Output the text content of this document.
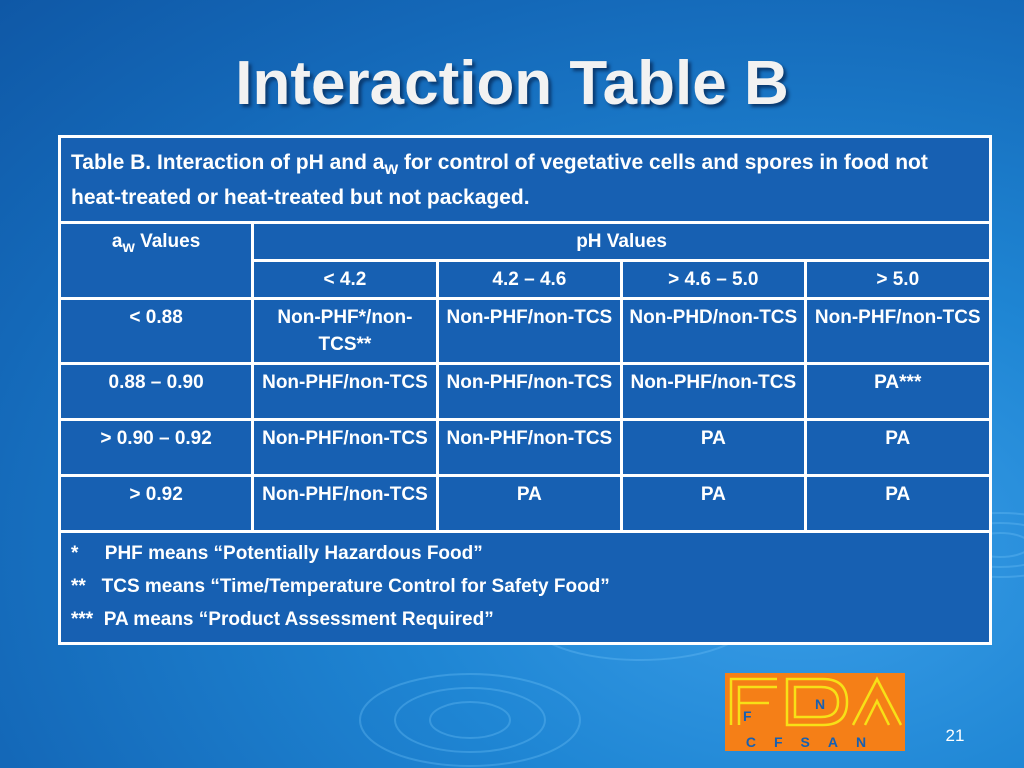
Interaction Table B
Table B. Interaction of pH and $a_w$ for control of vegetative cells and spores in food not heat-treated or heat-treated but not packaged.				
$a_w$ Values	pH Values			
	< 4.2	4.2 – 4.6	> 4.6 – 5.0	> 5.0
< 0.88	Non-PHF*/non-TCS**	Non-PHF/non-TCS	Non-PHD/non-TCS	Non-PHF/non-TCS
0.88 – 0.90	Non-PHF/non-TCS	Non-PHF/non-TCS	Non-PHF/non-TCS	PA***
> 0.90 – 0.92	Non-PHF/non-TCS	Non-PHF/non-TCS	PA	PA
> 0.92	Non-PHF/non-TCS	PA	PA	PA

*     PHF means “Potentially Hazardous Food”
**   TCS means “Time/Temperature Control for Safety Food”
***  PA means “Product Assessment Required”				
F
N
CFSAN	21
